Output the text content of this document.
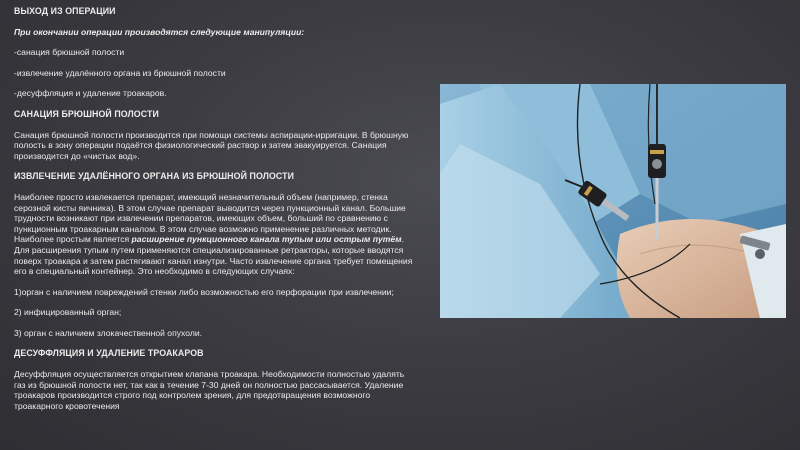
ВЫХОД ИЗ ОПЕРАЦИИ

При окончании операции производятся следующие манипуляции:

-санация брюшной полости

-извлечение удалённого органа из брюшной полости

-десуффляция и удаление троакаров.

САНАЦИЯ БРЮШНОЙ ПОЛОСТИ

Санация брюшной полости производится при помощи системы аспирации-ирригации. В брюшную полость в зону операции подаётся физиологический раствор и затем эвакуируется. Санация производится до «чистых вод».

ИЗВЛЕЧЕНИЕ УДАЛЁННОГО ОРГАНА ИЗ БРЮШНОЙ ПОЛОСТИ

Наиболее просто извлекается препарат, имеющий незначительный объем (например, стенка серозной кисты яичника). В этом случае препарат выводится через пункционный канал. Большие трудности возникают при извлечении препаратов, имеющих объем, больший по сравнению с пункционным троакарным каналом. В этом случае возможно применение различных методик. Наиболее простым является расширение пункционного канала тупым или острым путём. Для расширения тупым путем применяются специализированные ретракторы, которые вводятся поверх троакара и затем растягивают канал изнутри. Часто извлечение органа требует помещения его в специальный контейнер. Это необходимо в следующих случаях:

1)орган с наличием повреждений стенки либо возможностью его перфорации при извлечении;

2) инфицированный орган;

3) орган с наличием злокачественной опухоли.

ДЕСУФФЛЯЦИЯ И УДАЛЕНИЕ ТРОАКАРОВ

Десуффляция осуществляется открытием клапана троакара. Необходимости полностью удалять газ из брюшной полости нет, так как в течение 7-30 дней он полностью рассасывается. Удаление троакаров производится строго под контролем зрения, для предотвращения возможного троакарного кровотечения
